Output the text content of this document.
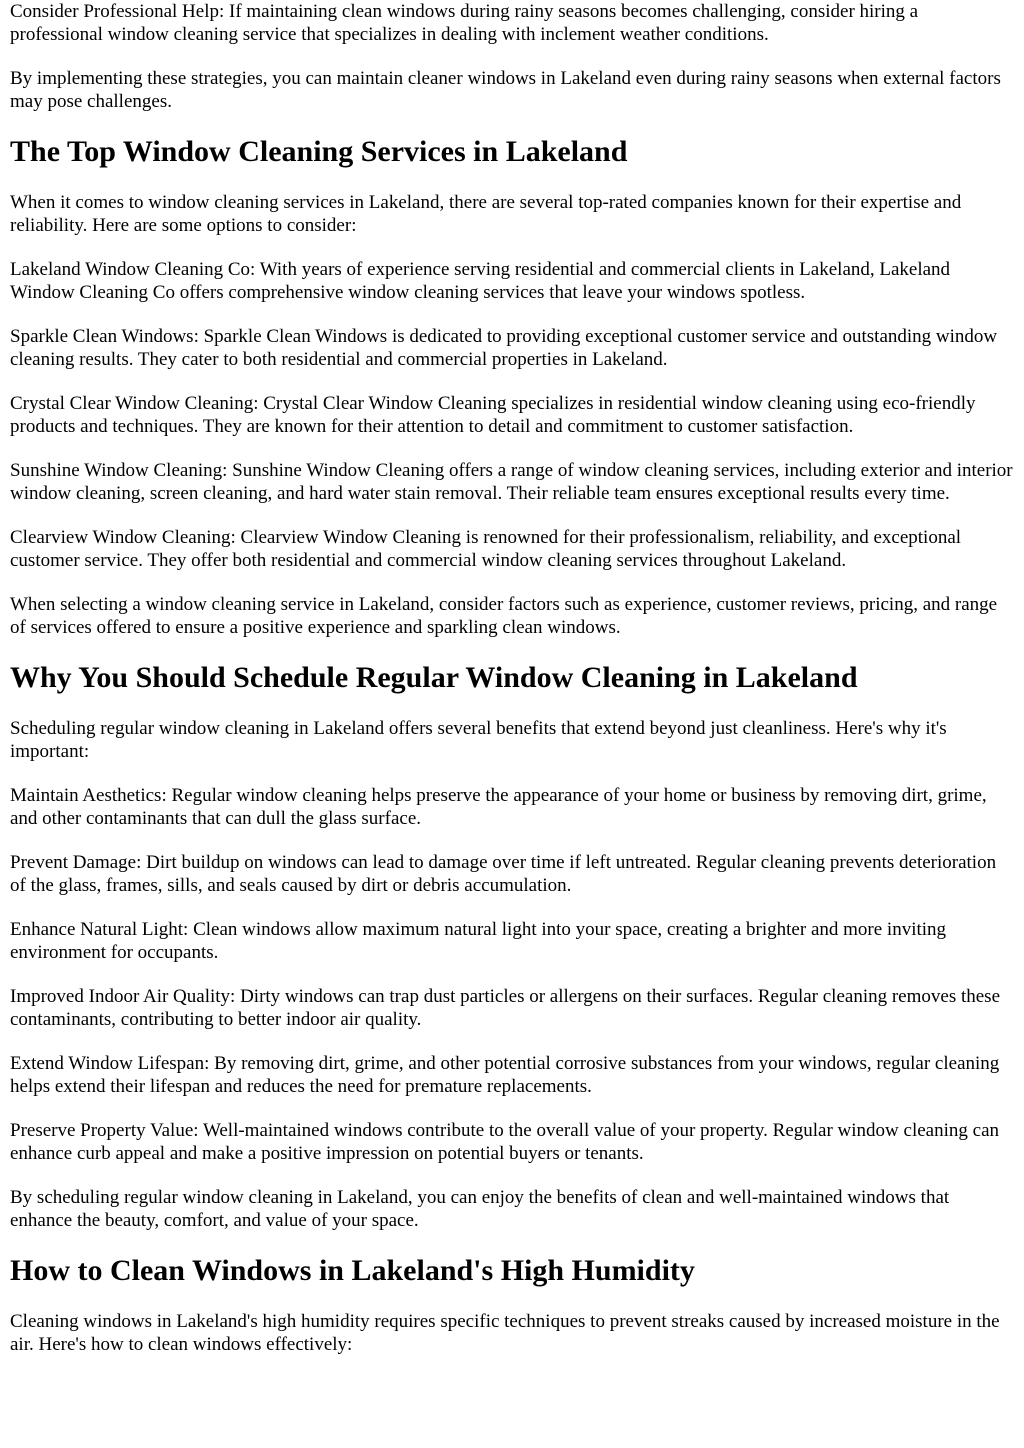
Consider Professional Help: If maintaining clean windows during rainy seasons becomes challenging, consider hiring a professional window cleaning service that specializes in dealing with inclement weather conditions.

By implementing these strategies, you can maintain cleaner windows in Lakeland even during rainy seasons when external factors may pose challenges.

The Top Window Cleaning Services in Lakeland

When it comes to window cleaning services in Lakeland, there are several top-rated companies known for their expertise and reliability. Here are some options to consider:

Lakeland Window Cleaning Co: With years of experience serving residential and commercial clients in Lakeland, Lakeland Window Cleaning Co offers comprehensive window cleaning services that leave your windows spotless.

Sparkle Clean Windows: Sparkle Clean Windows is dedicated to providing exceptional customer service and outstanding window cleaning results. They cater to both residential and commercial properties in Lakeland.

Crystal Clear Window Cleaning: Crystal Clear Window Cleaning specializes in residential window cleaning using eco-friendly products and techniques. They are known for their attention to detail and commitment to customer satisfaction.

Sunshine Window Cleaning: Sunshine Window Cleaning offers a range of window cleaning services, including exterior and interior window cleaning, screen cleaning, and hard water stain removal. Their reliable team ensures exceptional results every time.

Clearview Window Cleaning: Clearview Window Cleaning is renowned for their professionalism, reliability, and exceptional customer service. They offer both residential and commercial window cleaning services throughout Lakeland.

When selecting a window cleaning service in Lakeland, consider factors such as experience, customer reviews, pricing, and range of services offered to ensure a positive experience and sparkling clean windows.

Why You Should Schedule Regular Window Cleaning in Lakeland

Scheduling regular window cleaning in Lakeland offers several benefits that extend beyond just cleanliness. Here's why it's important:

Maintain Aesthetics: Regular window cleaning helps preserve the appearance of your home or business by removing dirt, grime, and other contaminants that can dull the glass surface.

Prevent Damage: Dirt buildup on windows can lead to damage over time if left untreated. Regular cleaning prevents deterioration of the glass, frames, sills, and seals caused by dirt or debris accumulation.

Enhance Natural Light: Clean windows allow maximum natural light into your space, creating a brighter and more inviting environment for occupants.

Improved Indoor Air Quality: Dirty windows can trap dust particles or allergens on their surfaces. Regular cleaning removes these contaminants, contributing to better indoor air quality.

Extend Window Lifespan: By removing dirt, grime, and other potential corrosive substances from your windows, regular cleaning helps extend their lifespan and reduces the need for premature replacements.

Preserve Property Value: Well-maintained windows contribute to the overall value of your property. Regular window cleaning can enhance curb appeal and make a positive impression on potential buyers or tenants.

By scheduling regular window cleaning in Lakeland, you can enjoy the benefits of clean and well-maintained windows that enhance the beauty, comfort, and value of your space.

How to Clean Windows in Lakeland's High Humidity

Cleaning windows in Lakeland's high humidity requires specific techniques to prevent streaks caused by increased moisture in the air. Here's how to clean windows effectively:
